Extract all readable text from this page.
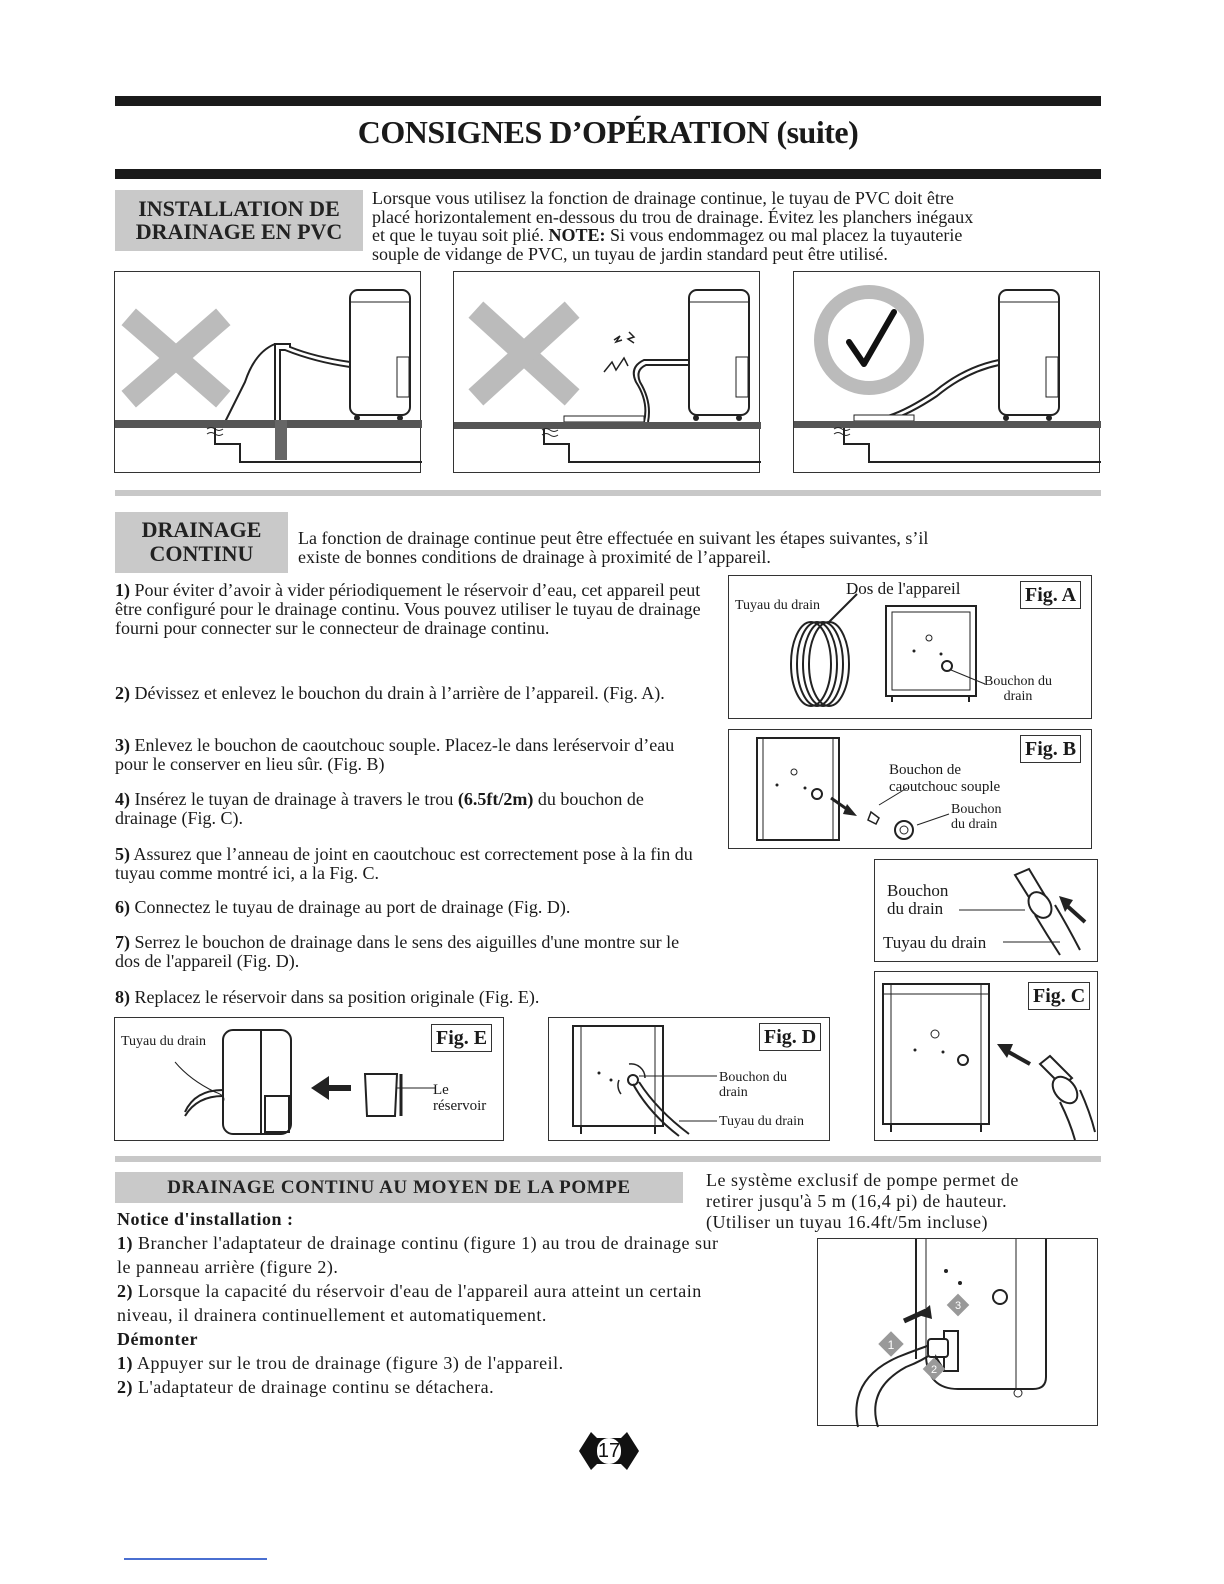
CONSIGNES D’OPÉRATION (suite)
INSTALLATION DE
DRAINAGE EN PVC
Lorsque vous utilisez la fonction de drainage continue, le tuyau de PVC doit être
placé horizontalement en-dessous du trou de drainage. Évitez les planchers inégaux
et que le tuyau soit plié. NOTE: Si vous endommagez ou mal placez la tuyauterie
souple de vidange de PVC, un tuyau de jardin standard peut être utilisé.
DRAINAGE
CONTINU
La fonction de drainage continue peut être effectuée en suivant les étapes suivantes, s’il
existe de bonnes conditions de drainage à proximité de l’appareil.
1) Pour éviter d’avoir à vider périodiquement le réservoir d’eau, cet appareil peut être configuré pour le drainage continu. Vous pouvez utiliser le tuyau de drainage fourni pour connecter sur le connecteur de drainage continu.
2) Dévissez et enlevez le bouchon du drain à l’arrière de l’appareil. (Fig. A).
3) Enlevez le bouchon de caoutchouc souple. Placez-le dans leréservoir d’eau pour le conserver en lieu sûr. (Fig. B)
4) Insérez le tuyan de drainage à travers le trou (6.5ft/2m) du bouchon de drainage (Fig. C).
5) Assurez que l’anneau de joint en caoutchouc est correctement pose à la fin du tuyau comme montré ici, a la Fig. C.
6) Connectez le tuyau de drainage au port de drainage (Fig. D).
7) Serrez le bouchon de drainage dans le sens des aiguilles d'une montre sur le dos de l'appareil (Fig. D).
8) Replacez le réservoir dans sa position originale (Fig. E).
Dos de l'appareil
Tuyau du drain	Fig. A
Bouchon du
drain
Fig. B
Bouchon de
caoutchouc souple
Bouchon
du drain
Bouchon
du drain
Tuyau du drain
Fig. C
Tuyau du drain	Fig. E
Le
réservoir
Fig. D
Bouchon du
drain
Tuyau du drain
DRAINAGE CONTINU AU MOYEN DE LA POMPE	Le système exclusif de pompe permet de
retirer jusqu'à 5 m (16,4 pi) de hauteur.
(Utiliser un tuyau 16.4ft/5m incluse)
Notice d'installation :
1) Brancher l'adaptateur de drainage continu (figure 1) au trou de drainage sur le panneau arrière (figure 2).
2) Lorsque la capacité du réservoir d'eau de l'appareil aura atteint un certain niveau, il drainera continuellement et automatiquement.
Démonter
1) Appuyer sur le trou de drainage (figure 3) de l'appareil.
2) L'adaptateur de drainage continu se détachera.
1
2
3
17
